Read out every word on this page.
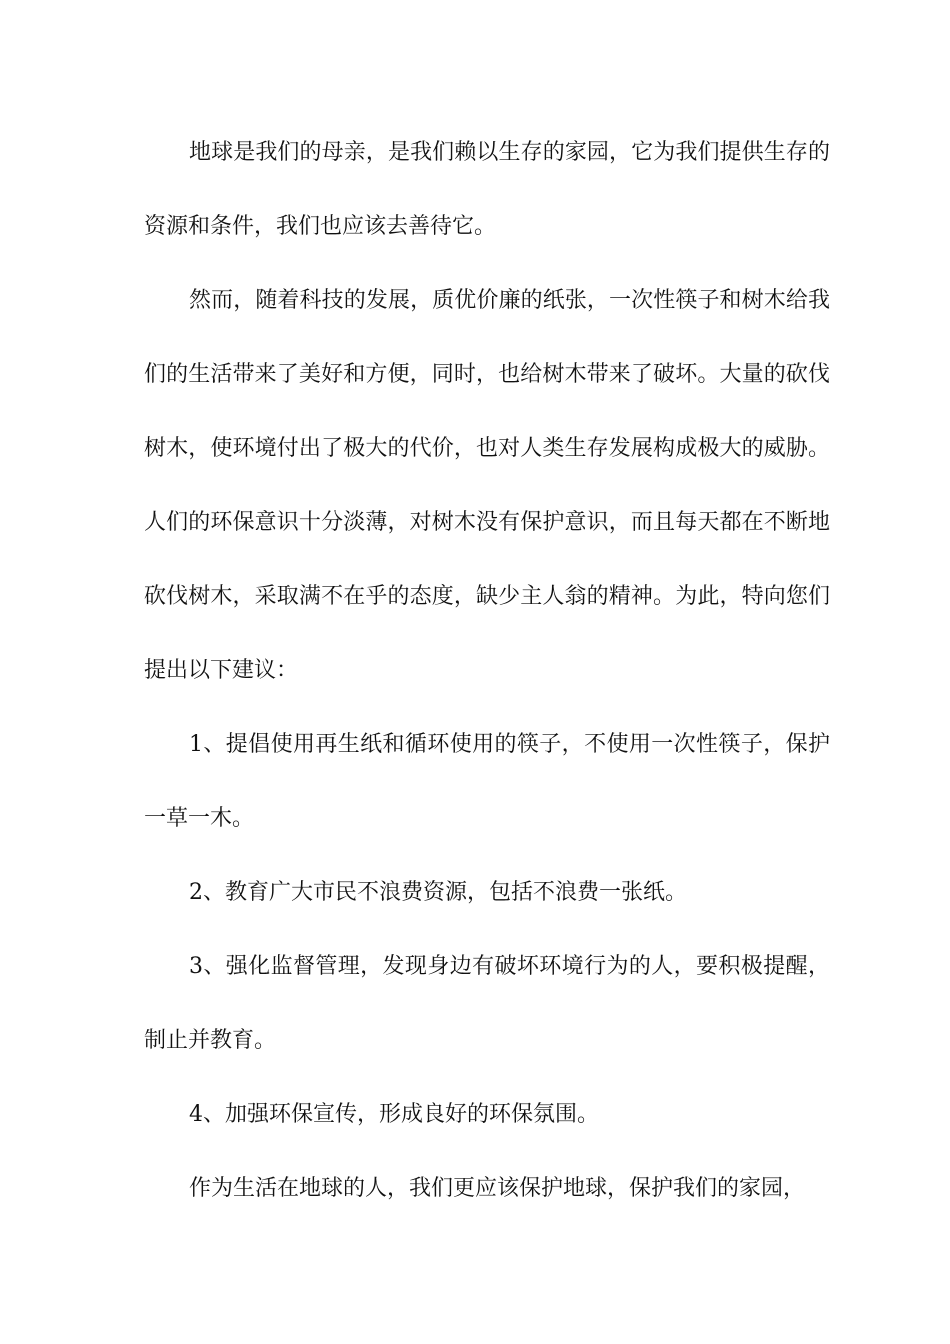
地球是我们的母亲，是我们赖以生存的家园，它为我们提供生存的资源和条件，我们也应该去善待它。

然而，随着科技的发展，质优价廉的纸张，一次性筷子和树木给我们的生活带来了美好和方便，同时，也给树木带来了破坏。大量的砍伐树木，使环境付出了极大的代价，也对人类生存发展构成极大的威胁。人们的环保意识十分淡薄，对树木没有保护意识，而且每天都在不断地砍伐树木，采取满不在乎的态度，缺少主人翁的精神。为此，特向您们提出以下建议：

1、提倡使用再生纸和循环使用的筷子，不使用一次性筷子，保护一草一木。

2、教育广大市民不浪费资源，包括不浪费一张纸。

3、强化监督管理，发现身边有破坏环境行为的人，要积极提醒，制止并教育。

4、加强环保宣传，形成良好的环保氛围。

作为生活在地球的人，我们更应该保护地球，保护我们的家园，
